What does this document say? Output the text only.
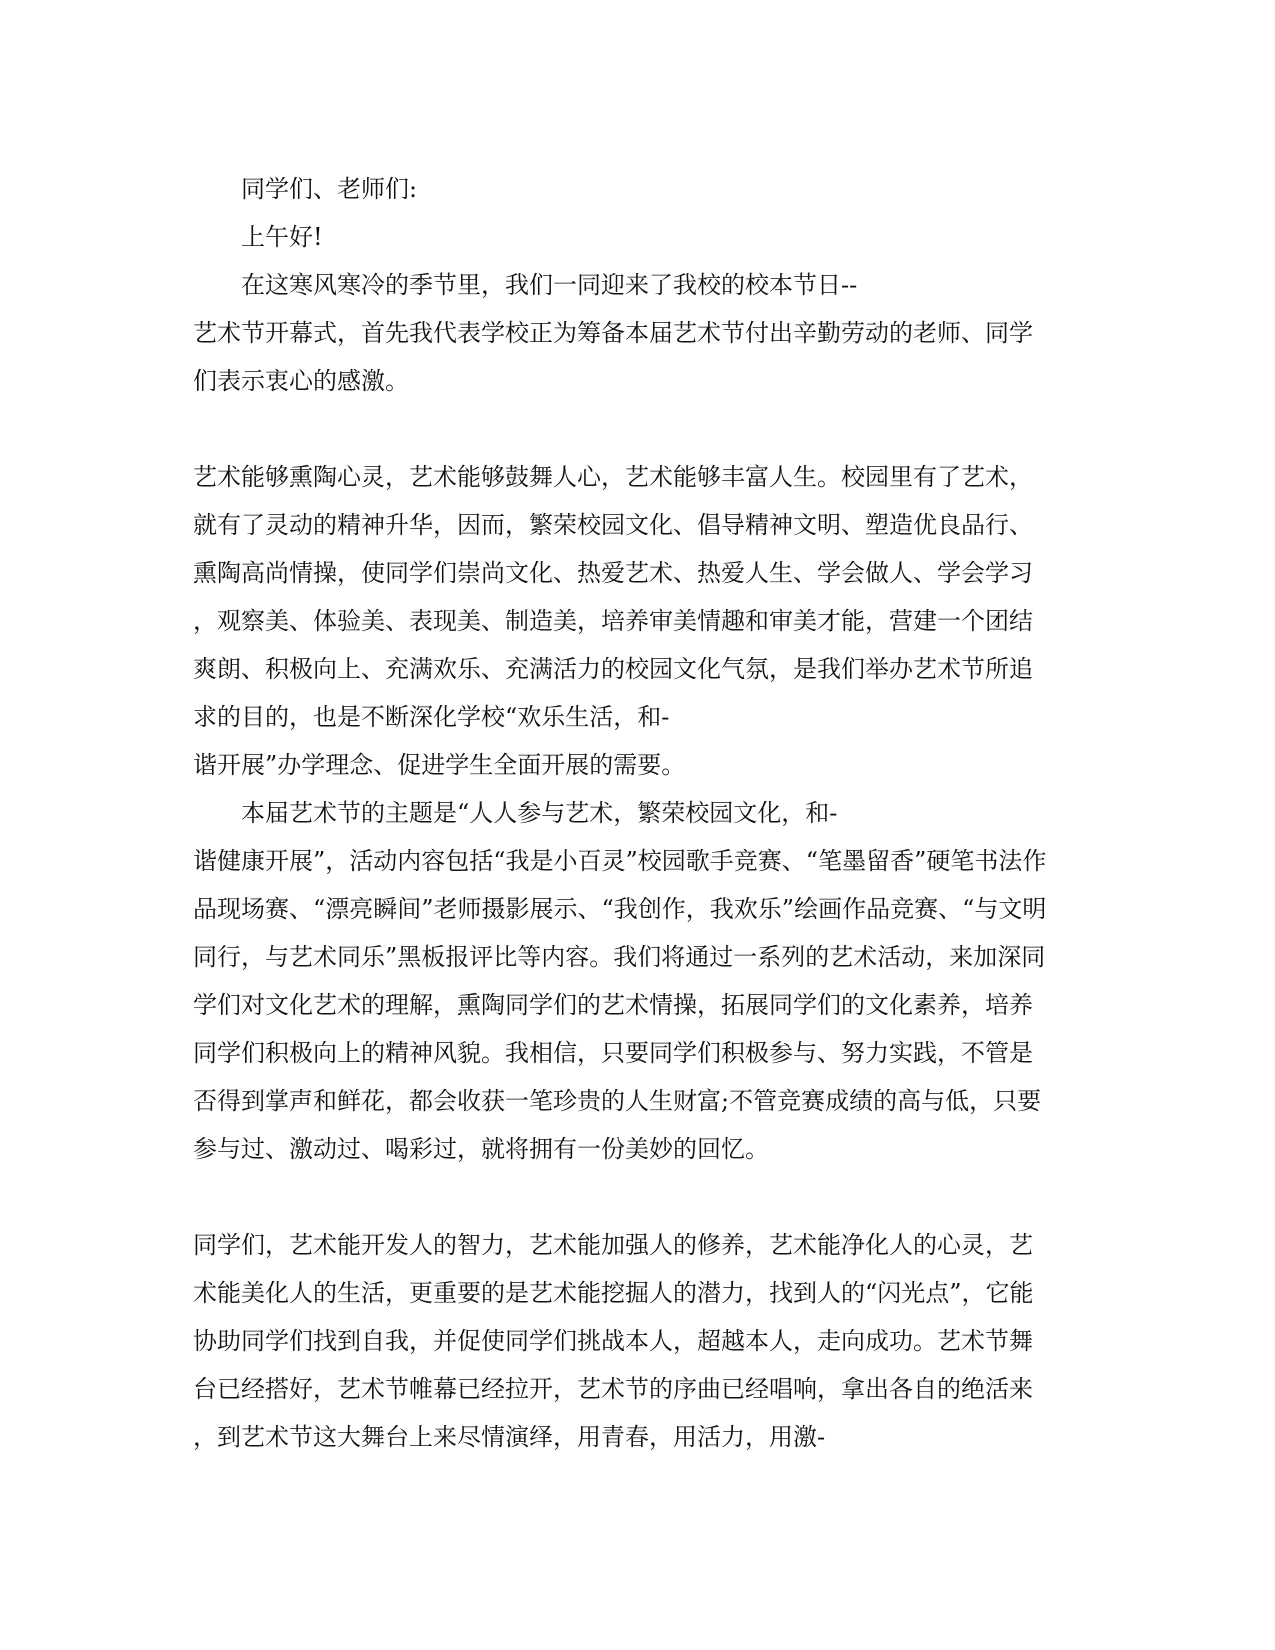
同学们、老师们:
上午好!
在这寒风寒冷的季节里，我们一同迎来了我校的校本节日--
艺术节开幕式，首先我代表学校正为筹备本届艺术节付出辛勤劳动的老师、同学
们表示衷心的感激。
艺术能够熏陶心灵，艺术能够鼓舞人心，艺术能够丰富人生。校园里有了艺术，
就有了灵动的精神升华，因而，繁荣校园文化、倡导精神文明、塑造优良品行、
熏陶高尚情操，使同学们崇尚文化、热爱艺术、热爱人生、学会做人、学会学习
，观察美、体验美、表现美、制造美，培养审美情趣和审美才能，营建一个团结
爽朗、积极向上、充满欢乐、充满活力的校园文化气氛，是我们举办艺术节所追
求的目的，也是不断深化学校“欢乐生活，和-
谐开展”办学理念、促进学生全面开展的需要。
本届艺术节的主题是“人人参与艺术，繁荣校园文化，和-
谐健康开展”，活动内容包括“我是小百灵”校园歌手竞赛、“笔墨留香”硬笔书法作
品现场赛、“漂亮瞬间”老师摄影展示、“我创作，我欢乐”绘画作品竞赛、“与文明
同行，与艺术同乐”黑板报评比等内容。我们将通过一系列的艺术活动，来加深同
学们对文化艺术的理解，熏陶同学们的艺术情操，拓展同学们的文化素养，培养
同学们积极向上的精神风貌。我相信，只要同学们积极参与、努力实践，不管是
否得到掌声和鲜花，都会收获一笔珍贵的人生财富;不管竞赛成绩的高与低，只要
参与过、激动过、喝彩过，就将拥有一份美妙的回忆。
同学们，艺术能开发人的智力，艺术能加强人的修养，艺术能净化人的心灵，艺
术能美化人的生活，更重要的是艺术能挖掘人的潜力，找到人的“闪光点”，它能
协助同学们找到自我，并促使同学们挑战本人，超越本人，走向成功。艺术节舞
台已经搭好，艺术节帷幕已经拉开，艺术节的序曲已经唱响，拿出各自的绝活来
，到艺术节这大舞台上来尽情演绎，用青春，用活力，用激-
